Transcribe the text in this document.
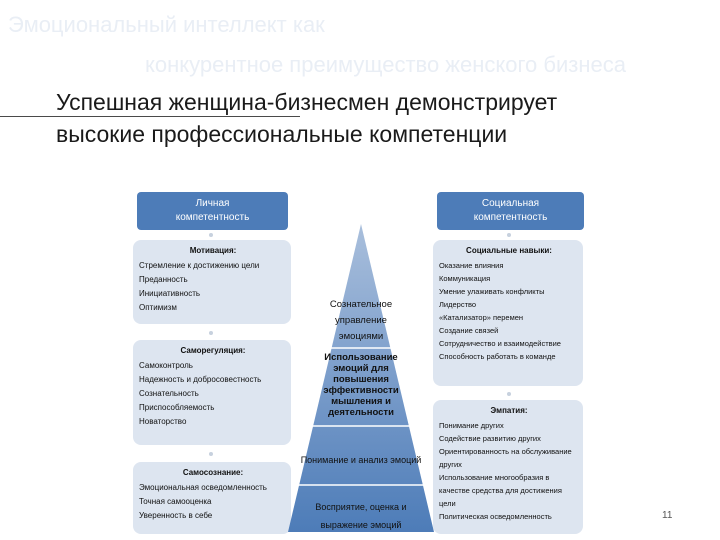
Эмоциональный интеллект как
конкурентное преимущество женского бизнеса
Успешная женщина-бизнесмен демонстрирует
высокие профессиональные компетенции
Личная
компетентность
Мотивация:
Стремление к достижению цели
Преданность
Инициативность
Оптимизм
Саморегуляция:
Самоконтроль
Надежность и добросовестность
Сознательность
Приспособляемость
Новаторство
Самосознание:
Эмоциональная осведомленность
Точная самооценка
Уверенность в себе
Социальная
компетентность
Социальные навыки:
Оказание влияния
Коммуникация
Умение улаживать конфликты
Лидерство
«Катализатор» перемен
Создание связей
Сотрудничество и взаимодействие
Способность работать в команде
Эмпатия:
Понимание других
Содействие развитию других
Ориентированность на обслуживание других
Использование многообразия в качестве средства для достижения цели
Политическая осведомленность
Сознательное
управление
эмоциями
Использование
эмоций для
повышения
эффективности
мышления и
деятельности
Понимание и анализ эмоций
Восприятие, оценка и
выражение эмоций
11
